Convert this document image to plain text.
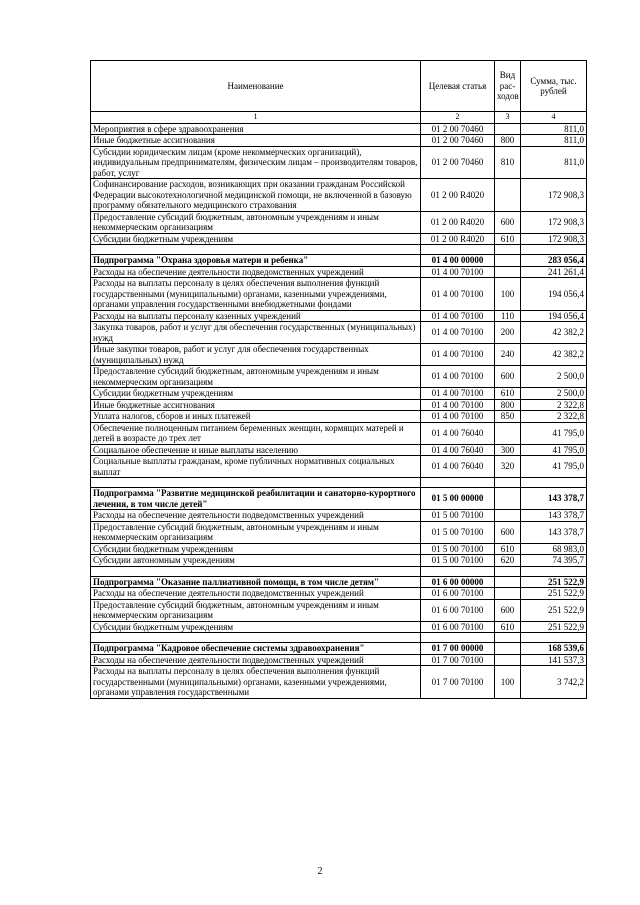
Наименование	Целевая статья	Вид рас-ходов	Сумма, тыс. рублей
1	2	3	4
Мероприятия в сфере здравоохранения	01 2 00 70460		811,0
Иные бюджетные ассигнования	01 2 00 70460	800	811,0
Субсидии юридическим лицам (кроме некоммерческих организаций), индивидуальным предпринимателям, физическим лицам – производителям товаров, работ, услуг	01 2 00 70460	810	811,0
Софинансирование расходов, возникающих при оказании гражданам Российской Федерации высокотехнологичной медицинской помощи, не включенной в базовую программу обязательного медицинского страхования	01 2 00 R4020		172 908,3
Предоставление субсидий бюджетным, автономным учреждениям и иным некоммерческим организациям	01 2 00 R4020	600	172 908,3
Субсидии бюджетным учреждениям	01 2 00 R4020	610	172 908,3

Подпрограмма "Охрана здоровья матери и ребенка"	01 4 00 00000		283 056,4
Расходы на обеспечение деятельности подведомственных учреждений	01 4 00 70100		241 261,4
Расходы на выплаты персоналу в целях обеспечения выполнения функций государственными (муниципальными) органами, казенными учреждениями, органами управления государственными внебюджетными фондами	01 4 00 70100	100	194 056,4
Расходы на выплаты персоналу казенных учреждений	01 4 00 70100	110	194 056,4
Закупка товаров, работ и услуг для обеспечения государственных (муниципальных) нужд	01 4 00 70100	200	42 382,2
Иные закупки товаров, работ и услуг для обеспечения государственных (муниципальных) нужд	01 4 00 70100	240	42 382,2
Предоставление субсидий бюджетным, автономным учреждениям и иным некоммерческим организациям	01 4 00 70100	600	2 500,0
Субсидии бюджетным учреждениям	01 4 00 70100	610	2 500,0
Иные бюджетные ассигнования	01 4 00 70100	800	2 322,8
Уплата налогов, сборов и иных платежей	01 4 00 70100	850	2 322,8
Обеспечение полноценным питанием беременных женщин, кормящих матерей и детей в возрасте до трех лет	01 4 00 76040		41 795,0
Социальное обеспечение и иные выплаты населению	01 4 00 76040	300	41 795,0
Социальные выплаты гражданам, кроме публичных нормативных социальных выплат	01 4 00 76040	320	41 795,0

Подпрограмма "Развитие медицинской реабилитации и санаторно-курортного лечения, в том числе детей"	01 5 00 00000		143 378,7
Расходы на обеспечение деятельности подведомственных учреждений	01 5 00 70100		143 378,7
Предоставление субсидий бюджетным, автономным учреждениям и иным некоммерческим организациям	01 5 00 70100	600	143 378,7
Субсидии бюджетным учреждениям	01 5 00 70100	610	68 983,0
Субсидии автономным учреждениям	01 5 00 70100	620	74 395,7

Подпрограмма "Оказание паллиативной помощи, в том числе детям"	01 6 00 00000		251 522,9
Расходы на обеспечение деятельности подведомственных учреждений	01 6 00 70100		251 522,9
Предоставление субсидий бюджетным, автономным учреждениям и иным некоммерческим организациям	01 6 00 70100	600	251 522,9
Субсидии бюджетным учреждениям	01 6 00 70100	610	251 522,9

Подпрограмма "Кадровое обеспечение системы здравоохранения"	01 7 00 00000		168 539,6
Расходы на обеспечение деятельности подведомственных учреждений	01 7 00 70100		141 537,3
Расходы на выплаты персоналу в целях обеспечения выполнения функций государственными (муниципальными) органами, казенными учреждениями, органами управления государственными	01 7 00 70100	100	3 742,2
2
